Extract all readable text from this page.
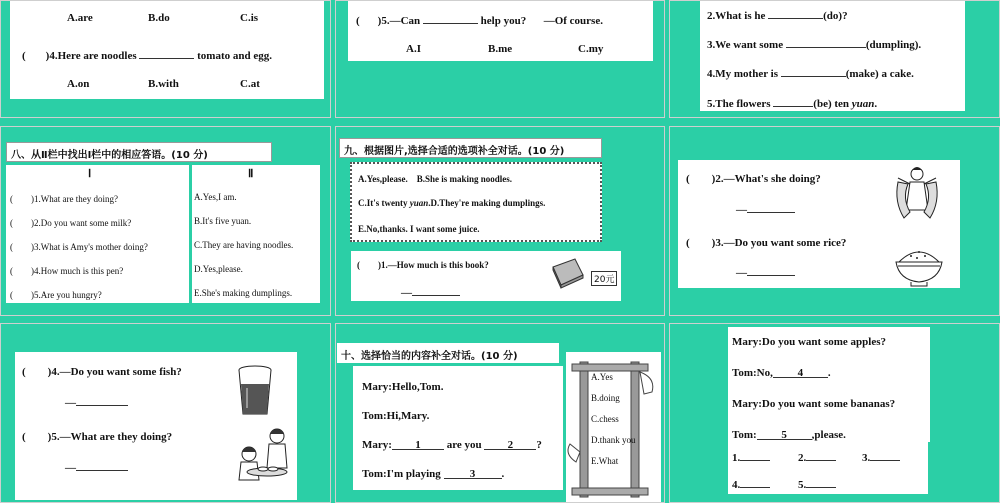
A.are	B.do	C.is
( )4.Here are noodles	tomato and egg.
A.on	B.with	C.at
( )5.—Can	help you? —Of course.
A.I	B.me	C.my
2.What is he	(do)?
3.We want some	(dumpling).
4.My mother is	(make) a cake.
5.The flowers	(be) ten yuan.
八、从Ⅱ栏中找出Ⅰ栏中的相应答语。(10 分)
Ⅰ
(　　)1.What are they doing?
(　　)2.Do you want some milk?
(　　)3.What is Amy's mother doing?
(　　)4.How much is this pen?
(　　)5.Are you hungry?
Ⅱ
A.Yes,I am.
B.It's five yuan.
C.They are having noodles.
D.Yes,please.
E.She's making dumplings.
九、根据图片,选择合适的选项补全对话。(10 分)
A.Yes,please.　B.She is making noodles.
C.It's twenty yuan.D.They're making dumplings.
E.No,thanks. I want some juice.
(　　)1.—How much is this book?
—
20元
(　　)2.—What's she doing?
—
(　　)3.—Do you want some rice?
—
(　　)4.—Do you want some fish?
—
(　　)5.—What are they doing?
—
十、选择恰当的内容补全对话。(10 分)
Mary:Hello,Tom.
Tom:Hi,Mary.
Mary: 1 are you 2 ?
Tom:I'm playing	3 .
A.Yes
B.doing
C.chess
D.thank you
E.What
Mary:Do you want some apples?
Tom:No, 4 .
Mary:Do you want some bananas?
Tom: 5 ,please.
1.	2.	3.
4.	5.
